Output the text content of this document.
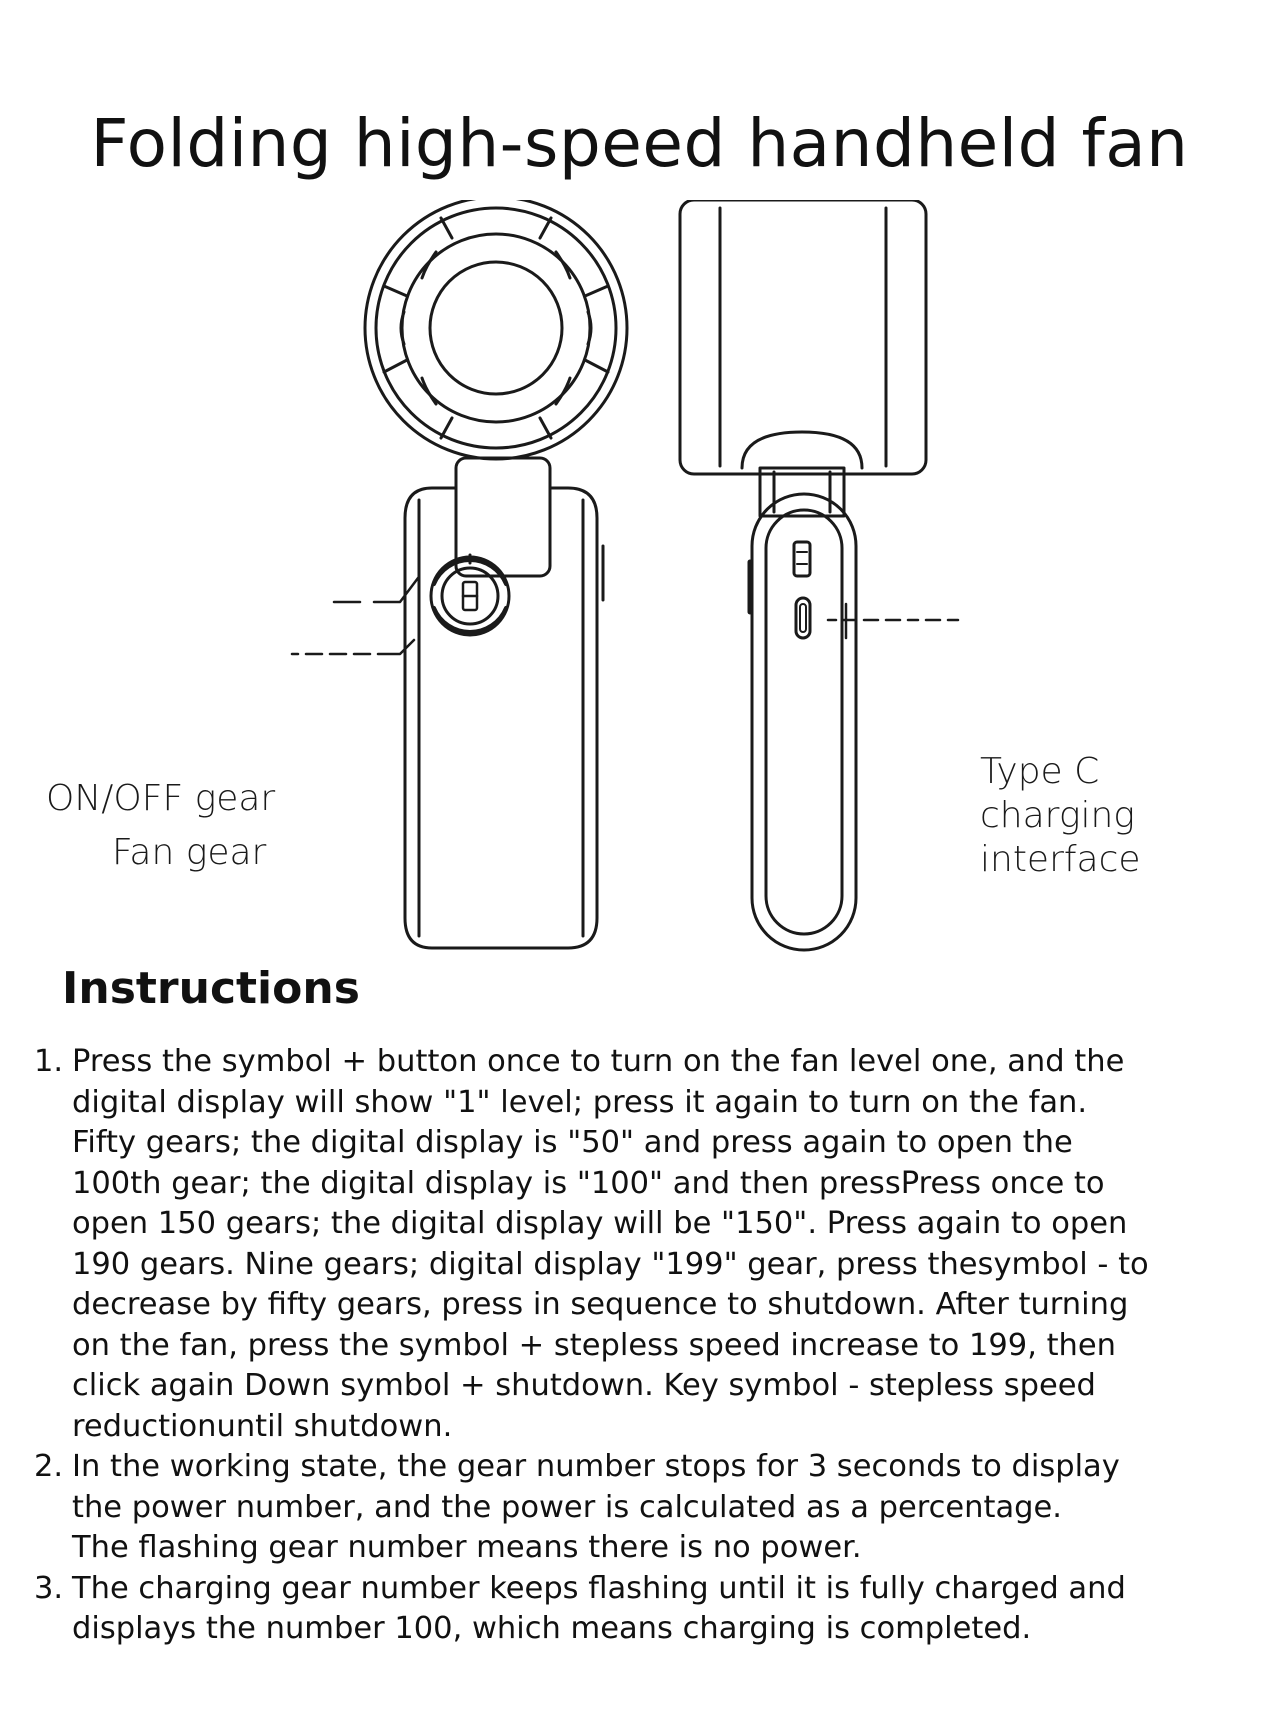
Folding high-speed handheld fan
ON/OFF gear
Fan gear
Type C
charging
interface
Instructions
1. Press the symbol + button once to turn on the fan level one, and the

digital display will show "1" level; press it again to turn on the fan.

Fifty gears; the digital display is "50" and press again to open the

100th gear; the digital display is "100" and then pressPress once to

open 150 gears; the digital display will be "150". Press again to open

190 gears. Nine gears; digital display "199" gear, press thesymbol - to

decrease by fifty gears, press in sequence to shutdown. After turning

on the fan, press the symbol + stepless speed increase to 199, then

click again Down symbol + shutdown. Key symbol - stepless speed

reductionuntil shutdown.

2. In the working state, the gear number stops for 3 seconds to display

the power number, and the power is calculated as a percentage.

The flashing gear number means there is no power.

3. The charging gear number keeps flashing until it is fully charged and

displays the number 100, which means charging is completed.
